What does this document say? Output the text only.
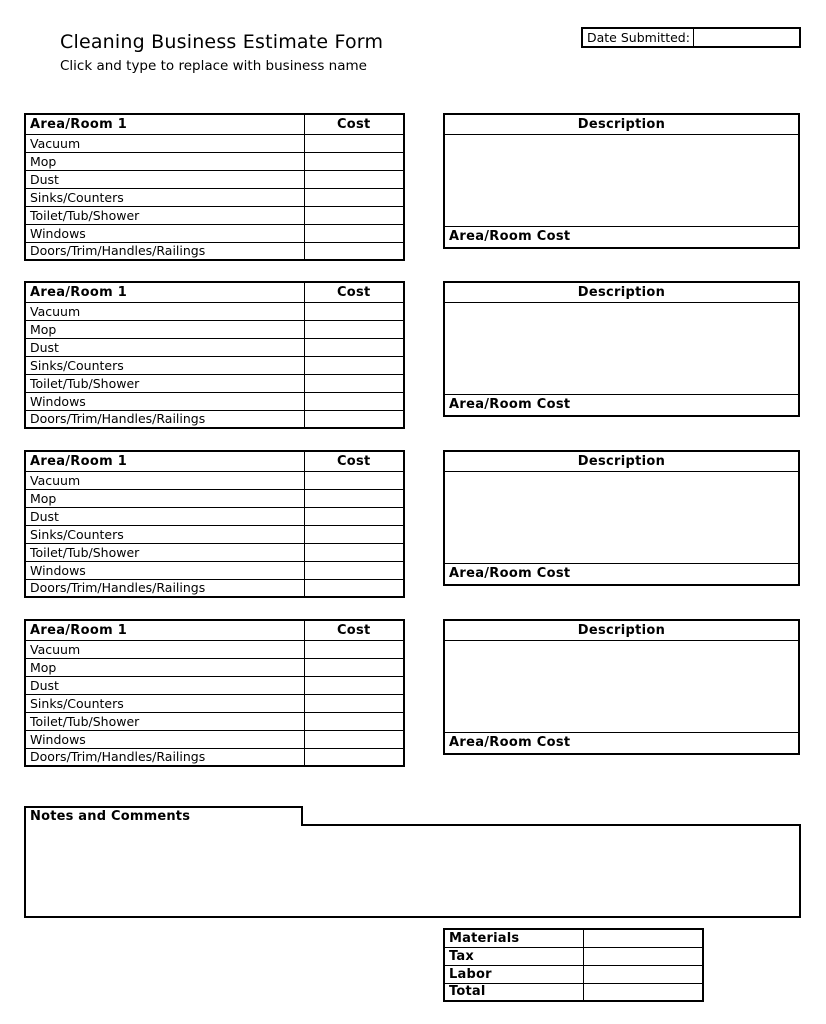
Cleaning Business Estimate Form
Click and type to replace with business name
Date Submitted:
Area/Room 1	Cost
Vacuum	
Mop	
Dust	
Sinks/Counters	
Toilet/Tub/Shower	
Windows	
Doors/Trim/Handles/Railings	
Description
Area/Room Cost
Area/Room 1	Cost
Vacuum	
Mop	
Dust	
Sinks/Counters	
Toilet/Tub/Shower	
Windows	
Doors/Trim/Handles/Railings	
Description
Area/Room Cost
Area/Room 1	Cost
Vacuum	
Mop	
Dust	
Sinks/Counters	
Toilet/Tub/Shower	
Windows	
Doors/Trim/Handles/Railings	
Description
Area/Room Cost
Area/Room 1	Cost
Vacuum	
Mop	
Dust	
Sinks/Counters	
Toilet/Tub/Shower	
Windows	
Doors/Trim/Handles/Railings	
Description
Area/Room Cost
Notes and Comments
Materials	
Tax	
Labor	
Total	
